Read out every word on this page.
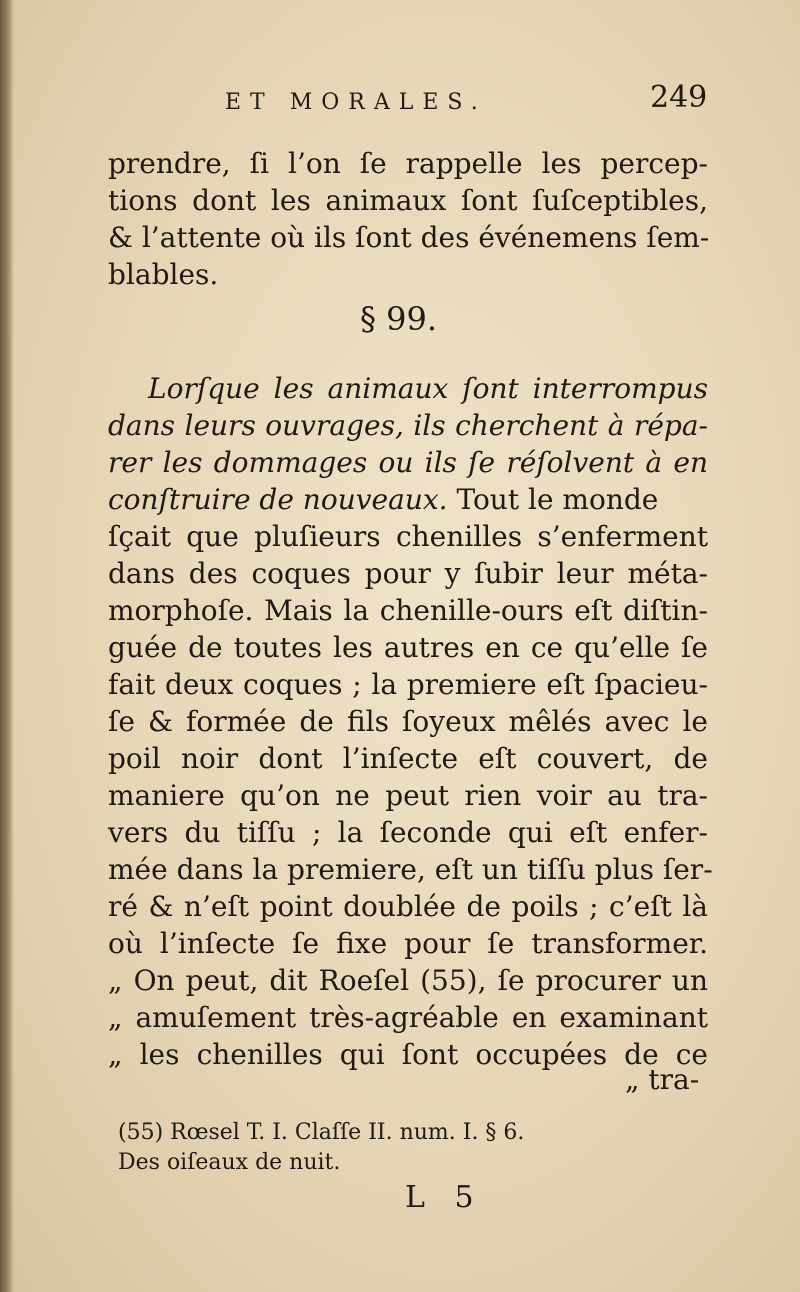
ET MORALES.	249
prendre, ſi l’on ſe rappelle les percep-
tions dont les animaux ſont ſuſceptibles,
& l’attente où ils ſont des événemens ſem-
blables.
§ 99.
Lorſque les animaux ſont interrompus
dans leurs ouvrages, ils cherchent à répa-
rer les dommages ou ils ſe réſolvent à en
conſtruire de nouveaux. Tout le monde
ſçait que pluſieurs chenilles s’enferment
dans des coques pour y ſubir leur méta-
morphoſe. Mais la chenille-ours eſt diſtin-
guée de toutes les autres en ce qu’elle ſe
fait deux coques ; la premiere eſt ſpacieu-
ſe & formée de fils ſoyeux mêlés avec le
poil noir dont l’inſecte eſt couvert, de
maniere qu’on ne peut rien voir au tra-
vers du tiſſu ; la ſeconde qui eſt enfer-
mée dans la premiere, eſt un tiſſu plus ſer-
ré & n’eſt point doublée de poils ; c’eſt là
où l’inſecte ſe fixe pour ſe transformer.
„ On peut, dit Roeſel (55), ſe procurer un
„ amuſement très-agréable en examinant
„ les chenilles qui ſont occupées de ce
„ tra-
(55) Rœsel T. I. Claſſe II. num. I. § 6.
Des oiſeaux de nuit.
L 5
